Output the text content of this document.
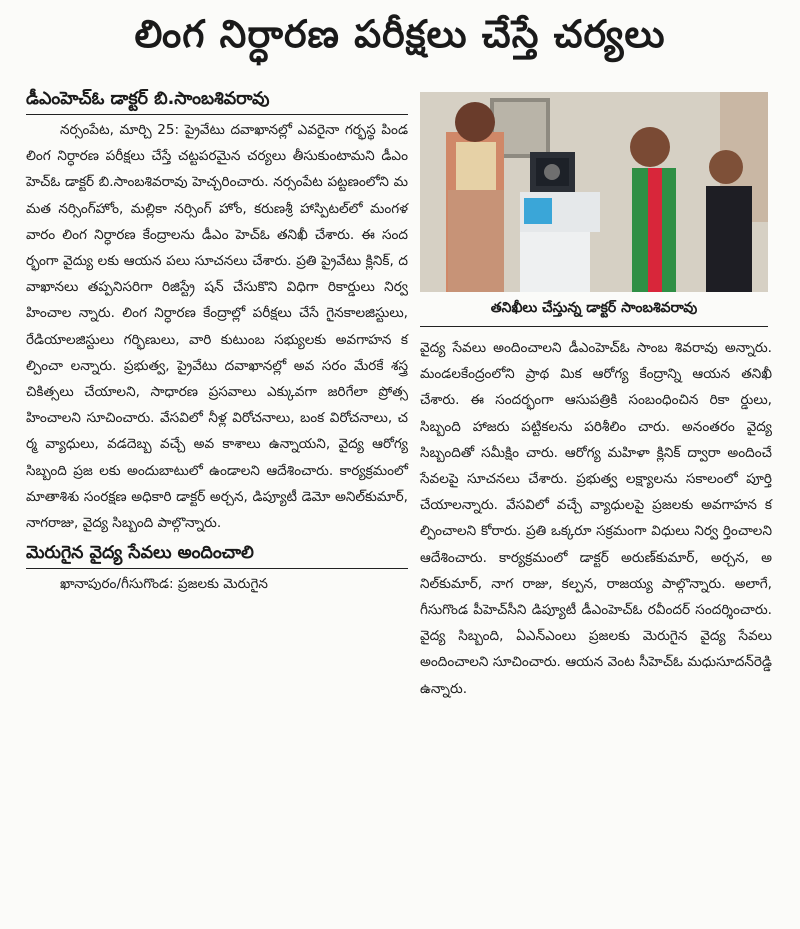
లింగ నిర్ధారణ పరీక్షలు చేస్తే చర్యలు
డీఎంహెచ్ఓ డాక్టర్ బి.సాంబశివరావు

నర్సంపేట, మార్చి 25: ప్రైవేటు దవాఖానల్లో ఎవరైనా గర్భస్థ పిండ లింగ నిర్ధారణ పరీక్షలు చేస్తే చట్టపరమైన చర్యలు తీసుకుంటామని డీఎం హెచ్ఓ డాక్టర్ బి.సాంబశివరావు హెచ్చరించారు. నర్సంపేట పట్టణంలోని మమత నర్సింగ్‌హోం, మల్లికా నర్సింగ్ హోం, కరుణశ్రీ హాస్పిటల్‌లో మంగళవారం లింగ నిర్ధారణ కేంద్రాలను డీఎం హెచ్ఓ తనిఖీ చేశారు. ఈ సందర్భంగా వైద్యు లకు ఆయన పలు సూచనలు చేశారు. ప్రతి ప్రైవేటు క్లినిక్, దవాఖానలు తప్పనిసరిగా రిజిస్ట్రే షన్ చేసుకొని విధిగా రికార్డులు నిర్వహించాల న్నారు. లింగ నిర్ధారణ కేంద్రాల్లో పరీక్షలు చేసే గైనకాలజిస్టులు, రేడియాలజిస్టులు గర్భిణులు, వారి కుటుంబ సభ్యులకు అవగాహన కల్పించా లన్నారు. ప్రభుత్వ, ప్రైవేటు దవాఖానల్లో అవ సరం మేరకే శస్త్రచికిత్సలు చేయాలని, సాధారణ ప్రసవాలు ఎక్కువగా జరిగేలా ప్రోత్సహించాలని సూచించారు. వేసవిలో నీళ్ల విరోచనాలు, బంక విరోచనాలు, చర్మ వ్యాధులు, వడదెబ్బ వచ్చే అవ కాశాలు ఉన్నాయని, వైద్య ఆరోగ్య సిబ్బంది ప్రజ లకు అందుబాటులో ఉండాలని ఆదేశించారు. కార్యక్రమంలో మాతాశిశు సంరక్షణ అధికారి డాక్టర్ అర్చన, డిప్యూటీ డెమో అనిల్‌కుమార్, నాగరాజు, వైద్య సిబ్బంది పాల్గొన్నారు.

మెరుగైన వైద్య సేవలు అందించాలి

ఖానాపురం/గీసుగొండ: ప్రజలకు మెరుగైన

తనిఖీలు చేస్తున్న డాక్టర్ సాంబశివరావు

వైద్య సేవలు అందించాలని డీఎంహెచ్ఓ సాంబ శివరావు అన్నారు. మండలకేంద్రంలోని ప్రాథ మిక ఆరోగ్య కేంద్రాన్ని ఆయన తనిఖీ చేశారు. ఈ సందర్భంగా ఆసుపత్రికి సంబంధించిన రికా ర్డులు, సిబ్బంది హాజరు పట్టికలను పరిశీలిం చారు. అనంతరం వైద్య సిబ్బందితో సమీక్షిం చారు. ఆరోగ్య మహిళా క్లినిక్ ద్వారా అందించే సేవలపై సూచనలు చేశారు. ప్రభుత్వ లక్ష్యాలను సకాలంలో పూర్తి చేయాలన్నారు. వేసవిలో వచ్చే వ్యాధులపై ప్రజలకు అవగాహన కల్పించాలని కోరారు. ప్రతి ఒక్కరూ సక్రమంగా విధులు నిర్వ ర్తించాలని ఆదేశించారు. కార్యక్రమంలో డాక్టర్ అరుణ్‌కుమార్, అర్చన, అనిల్‌కుమార్, నాగ రాజు, కల్పన, రాజయ్య పాల్గొన్నారు. అలాగే, గీసుగొండ పీహెచ్‌సీని డిప్యూటీ డీఎంహెచ్ఓ రవీందర్ సందర్శించారు. వైద్య సిబ్బంది, ఏఎన్‌ఎంలు ప్రజలకు మెరుగైన వైద్య సేవలు అందించాలని సూచించారు. ఆయన వెంట సీహెచ్ఓ మధుసూదన్‌రెడ్డి ఉన్నారు.
